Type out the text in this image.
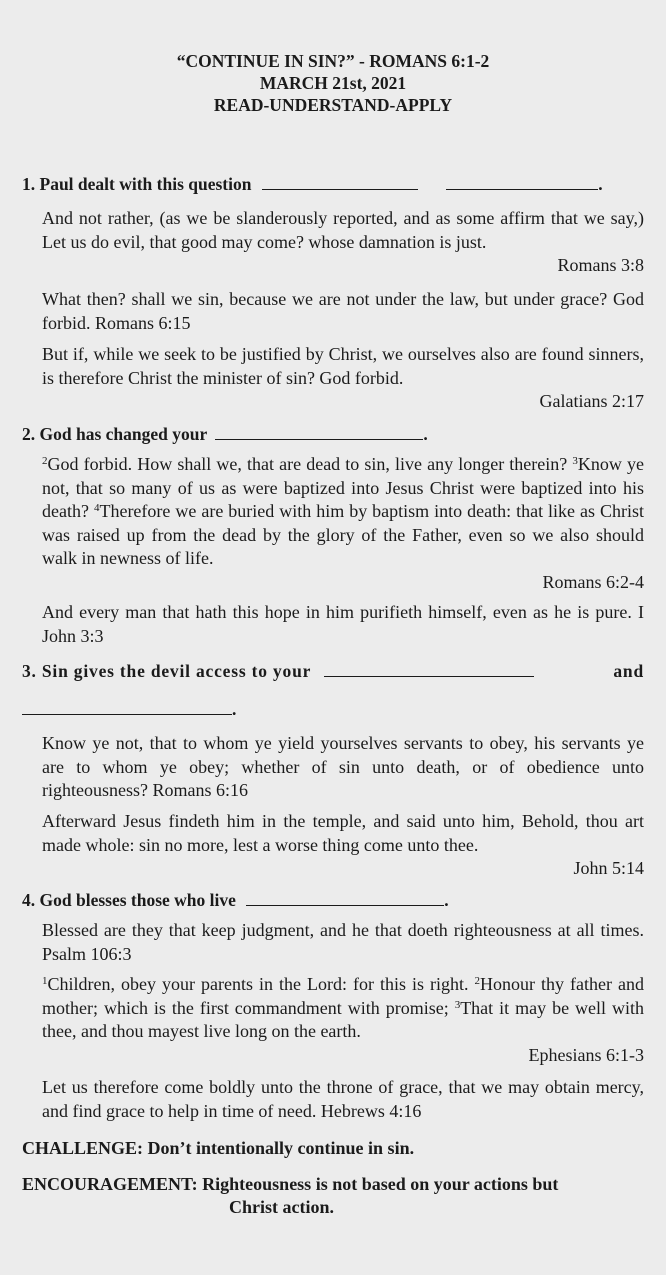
“CONTINUE IN SIN?” - ROMANS 6:1-2
MARCH 21st, 2021
READ-UNDERSTAND-APPLY
1. Paul dealt with this question	.
And not rather, (as we be slanderously reported, and as some affirm that we say,) Let us do evil, that good may come? whose damnation is just.
Romans 3:8
What then? shall we sin, because we are not under the law, but under grace? God forbid. Romans 6:15
But if, while we seek to be justified by Christ, we ourselves also are found sinners, is therefore Christ the minister of sin? God forbid.
Galatians 2:17
2. God has changed your	.
$^2$God forbid. How shall we, that are dead to sin, live any longer therein? $^3$Know ye not, that so many of us as were baptized into Jesus Christ were baptized into his death? $^4$Therefore we are buried with him by baptism into death: that like as Christ was raised up from the dead by the glory of the Father, even so we also should walk in newness of life.
Romans 6:2-4
And every man that hath this hope in him purifieth himself, even as he is pure. I John 3:3
3. Sin gives the devil access to your	and
.
Know ye not, that to whom ye yield yourselves servants to obey, his servants ye are to whom ye obey; whether of sin unto death, or of obedience unto righteousness? Romans 6:16
Afterward Jesus findeth him in the temple, and said unto him, Behold, thou art made whole: sin no more, lest a worse thing come unto thee.
John 5:14
4. God blesses those who live	.
Blessed are they that keep judgment, and he that doeth righteousness at all times. Psalm 106:3
$^1$Children, obey your parents in the Lord: for this is right. $^2$Honour thy father and mother; which is the first commandment with promise; $^3$That it may be well with thee, and thou mayest live long on the earth.
Ephesians 6:1-3
Let us therefore come boldly unto the throne of grace, that we may obtain mercy, and find grace to help in time of need. Hebrews 4:16
CHALLENGE: Don’t intentionally continue in sin.
ENCOURAGEMENT: Righteousness is not based on your actions but
Christ action.
